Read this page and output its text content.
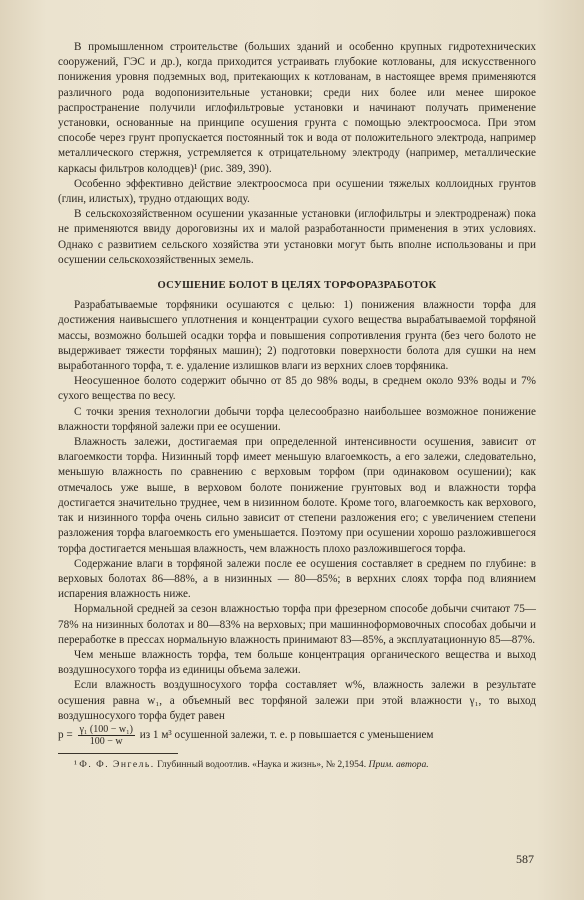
В промышленном строительстве (больших зданий и особенно крупных гидротехнических сооружений, ГЭС и др.), когда приходится устраивать глубокие котлованы, для искусственного понижения уровня подземных вод, притекающих к котлованам, в настоящее время применяются различного рода водопонизительные установки; среди них более или менее широкое распространение получили иглофильтровые установки и начинают получать применение установки, основанные на принципе осушения грунта с помощью электроосмоса. При этом способе через грунт пропускается постоянный ток и вода от положительного электрода, например металлического стержня, устремляется к отрицательному электроду (например, металлические каркасы фильтров колодцев)¹ (рис. 389, 390).

Особенно эффективно действие электроосмоса при осушении тяжелых коллоидных грунтов (глин, илистых), трудно отдающих воду.

В сельскохозяйственном осушении указанные установки (иглофильтры и электродренаж) пока не применяются ввиду дороговизны их и малой разработанности применения в этих условиях. Однако с развитием сельского хозяйства эти установки могут быть вполне использованы и при осушении сельскохозяйственных земель.

ОСУШЕНИЕ БОЛОТ В ЦЕЛЯХ ТОРФОРАЗРАБОТОК

Разрабатываемые торфяники осушаются с целью: 1) понижения влажности торфа для достижения наивысшего уплотнения и концентрации сухого вещества вырабатываемой торфяной массы, возможно большей осадки торфа и повышения сопротивления грунта (без чего болото не выдерживает тяжести торфяных машин); 2) подготовки поверхности болота для сушки на нем выработанного торфа, т. е. удаление излишков влаги из верхних слоев торфяника.

Неосушенное болото содержит обычно от 85 до 98% воды, в среднем около 93% воды и 7% сухого вещества по весу.

С точки зрения технологии добычи торфа целесообразно наибольшее возможное понижение влажности торфяной залежи при ее осушении.

Влажность залежи, достигаемая при определенной интенсивности осушения, зависит от влагоемкости торфа. Низинный торф имеет меньшую влагоемкость, а его залежи, следовательно, меньшую влажность по сравнению с верховым торфом (при одинаковом осушении); как отмечалось уже выше, в верховом болоте понижение грунтовых вод и влажности торфа достигается значительно труднее, чем в низинном болоте. Кроме того, влагоемкость как верхового, так и низинного торфа очень сильно зависит от степени разложения его; с увеличением степени разложения торфа влагоемкость его уменьшается. Поэтому при осушении хорошо разложившегося торфа достигается меньшая влажность, чем влажность плохо разложившегося торфа.

Содержание влаги в торфяной залежи после ее осушения составляет в среднем по глубине: в верховых болотах 86—88%, а в низинных — 80—85%; в верхних слоях торфа под влиянием испарения влажность ниже.

Нормальной средней за сезон влажностью торфа при фрезерном способе добычи считают 75—78% на низинных болотах и 80—83% на верховых; при машинноформовочных способах добычи и переработке в прессах нормальную влажность принимают 83—85%, а эксплуатационную 85—87%.

Чем меньше влажность торфа, тем больше концентрация органического вещества и выход воздушносухого торфа из единицы объема залежи.

Если влажность воздушносухого торфа составляет w%, влажность залежи в результате осушения равна w₁, а объемный вес торфяной залежи при этой влажности γ₁, то выход воздушносухого торфа будет равен

$p = \frac{\text{γ₁ (100 − w₁)}}{100 - w}$ из 1 м³ осушенной залежи, т. е. p повышается с уменьшением

¹ Ф. Ф. Энгель. Глубинный водоотлив. «Наука и жизнь», № 2,1954. Прим. автора.
587
